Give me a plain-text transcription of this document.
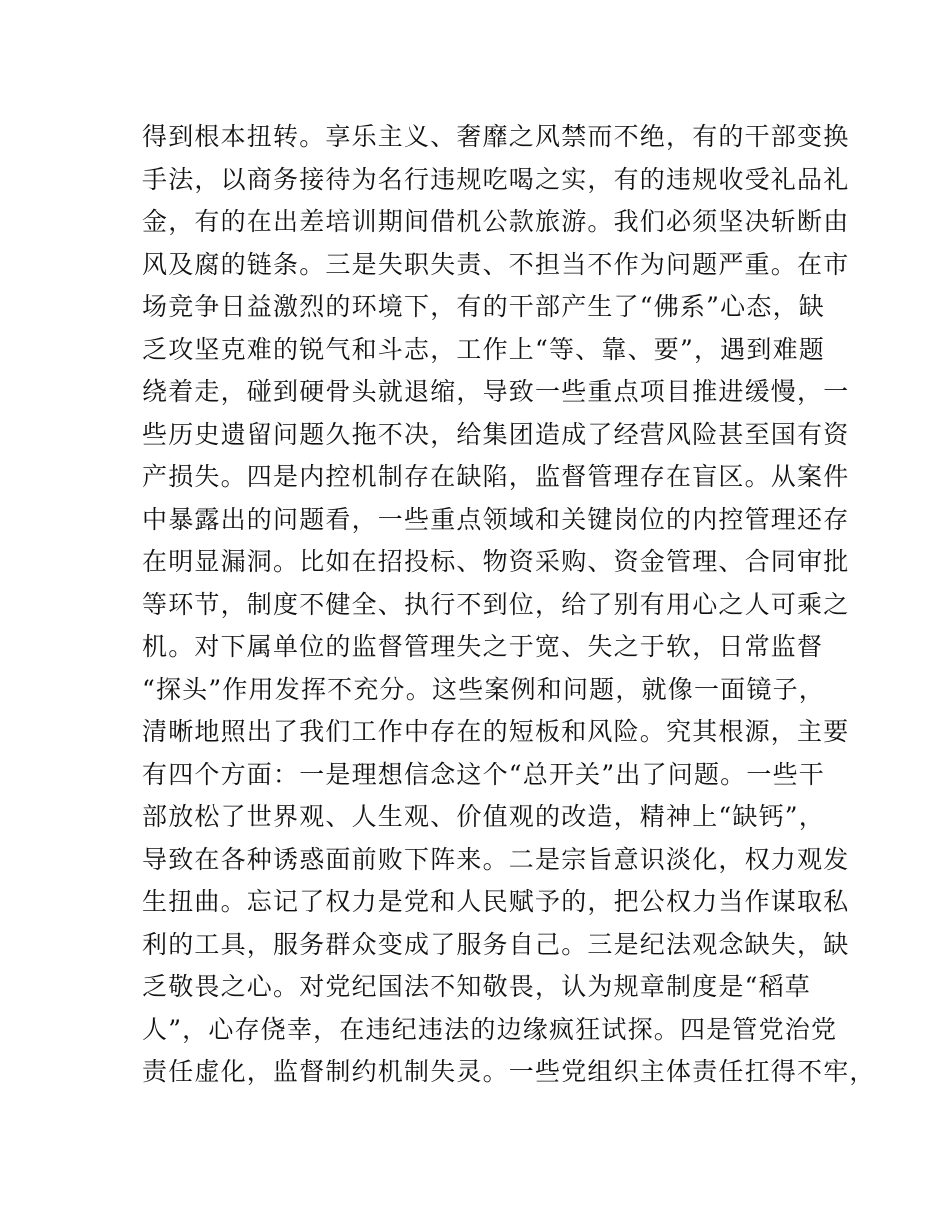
得到根本扭转。享乐主义、奢靡之风禁而不绝，有的干部变换
手法，以商务接待为名行违规吃喝之实，有的违规收受礼品礼
金，有的在出差培训期间借机公款旅游。我们必须坚决斩断由
风及腐的链条。三是失职失责、不担当不作为问题严重。在市
场竞争日益激烈的环境下，有的干部产生了“佛系”心态，缺
乏攻坚克难的锐气和斗志，工作上“等、靠、要”，遇到难题
绕着走，碰到硬骨头就退缩，导致一些重点项目推进缓慢，一
些历史遗留问题久拖不决，给集团造成了经营风险甚至国有资
产损失。四是内控机制存在缺陷，监督管理存在盲区。从案件
中暴露出的问题看，一些重点领域和关键岗位的内控管理还存
在明显漏洞。比如在招投标、物资采购、资金管理、合同审批
等环节，制度不健全、执行不到位，给了别有用心之人可乘之
机。对下属单位的监督管理失之于宽、失之于软，日常监督
“探头”作用发挥不充分。这些案例和问题，就像一面镜子，
清晰地照出了我们工作中存在的短板和风险。究其根源，主要
有四个方面：一是理想信念这个“总开关”出了问题。一些干
部放松了世界观、人生观、价值观的改造，精神上“缺钙”，
导致在各种诱惑面前败下阵来。二是宗旨意识淡化，权力观发
生扭曲。忘记了权力是党和人民赋予的，把公权力当作谋取私
利的工具，服务群众变成了服务自己。三是纪法观念缺失，缺
乏敬畏之心。对党纪国法不知敬畏，认为规章制度是“稻草
人”，心存侥幸，在违纪违法的边缘疯狂试探。四是管党治党
责任虚化，监督制约机制失灵。一些党组织主体责任扛得不牢，
